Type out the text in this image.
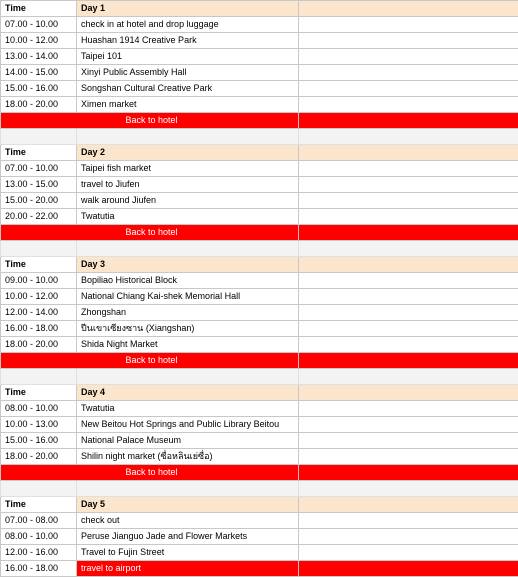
Time	Day 1	
07.00 - 10.00	check in at hotel and drop luggage	
10.00 - 12.00	Huashan 1914 Creative Park	
13.00 - 14.00	Taipei 101	
14.00 - 15.00	Xinyi Public Assembly Hall	
15.00 - 16.00	Songshan Cultural Creative Park	
18.00 - 20.00	Ximen market	
Back to hotel		

Time	Day 2	
07.00 - 10.00	Taipei fish market	
13.00 - 15.00	travel to Jiufen	
15.00 - 20.00	walk around Jiufen	
20.00 - 22.00	Twatutia	
Back to hotel		

Time	Day 3	
09.00 - 10.00	Bopiliao Historical Block	
10.00 - 12.00	National Chiang Kai-shek Memorial Hall	
12.00 - 14.00	Zhongshan	
16.00 - 18.00	ปีนเขาเซียงซาน (Xiangshan)	
18.00 - 20.00	Shida Night Market	
Back to hotel		

Time	Day 4	
08.00 - 10.00	Twatutia	
10.00 - 13.00	New Beitou Hot Springs and Public Library Beitou	
15.00 - 16.00	National Palace Museum	
18.00 - 20.00	Shilin night market (ซื่อหลินเย่ซื่อ)	
Back to hotel		

Time	Day 5	
07.00 - 08.00	check out	
08.00 - 10.00	Peruse Jianguo Jade and Flower Markets	
12.00 - 16.00	Travel to Fujin Street	
16.00 - 18.00	travel to airport	
